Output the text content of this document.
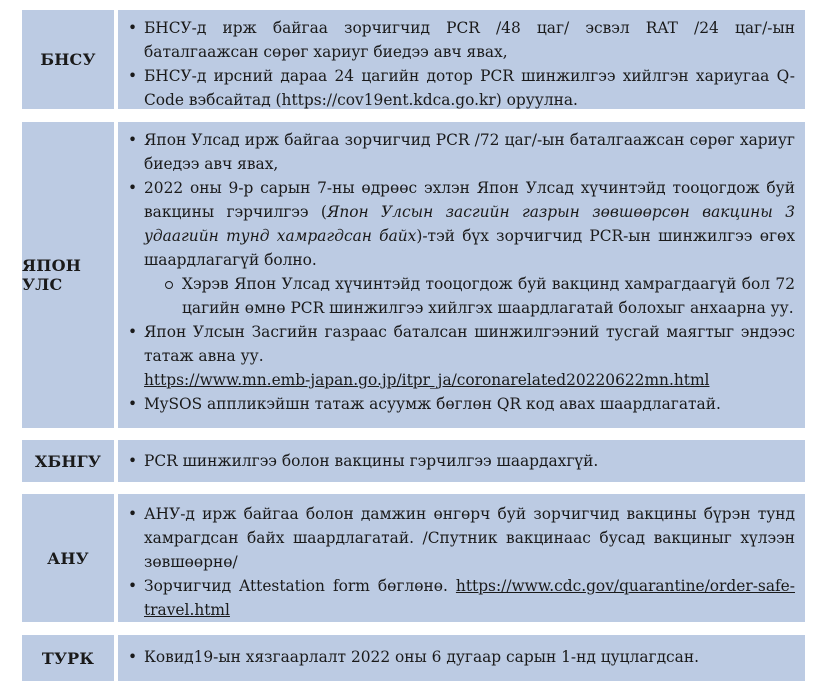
БНСУ
• БНСУ-д ирж байгаа зорчигчид PCR /48 цаг/ эсвэл RAT /24 цаг/-ын баталгаажсан сөрөг хариуг биедээ авч явах,
• БНСУ-д ирсний дараа 24 цагийн дотор PCR шинжилгээ хийлгэн хариугаа Q-Code вэбсайтад (https://cov19ent.kdca.go.kr) оруулна.
ЯПОН УЛС
• Япон Улсад ирж байгаа зорчигчид PCR /72 цаг/-ын баталгаажсан сөрөг хариуг биедээ авч явах,
• 2022 оны 9-р сарын 7-ны өдрөөс эхлэн Япон Улсад хүчинтэйд тооцогдож буй вакцины гэрчилгээ (Япон Улсын засгийн газрын зөвшөөрсөн вакцины 3 удаагийн тунд хамрагдсан байх)-тэй бүх зорчигчид PCR-ын шинжилгээ өгөх шаардлагагүй болно.
Хэрэв Япон Улсад хүчинтэйд тооцогдож буй вакцинд хамрагдаагүй бол 72 цагийн өмнө PCR шинжилгээ хийлгэх шаардлагатай болохыг анхаарна уу.
• Япон Улсын Засгийн газраас баталсан шинжилгээний тусгай маягтыг эндээс татаж авна уу.
https://www.mn.emb-japan.go.jp/itpr_ja/coronarelated20220622mn.html
• MySOS аппликэйшн татаж асуумж бөглөн QR код авах шаардлагатай.
ХБНГУ	• PCR шинжилгээ болон вакцины гэрчилгээ шаардахгүй.
АНУ
• АНУ-д ирж байгаа болон дамжин өнгөрч буй зорчигчид вакцины бүрэн тунд хамрагдсан байх шаардлагатай. /Спутник вакцинаас бусад вакциныг хүлээн зөвшөөрнө/
• Зорчигчид Attestation form бөглөнө. https://www.cdc.gov/quarantine/order-safe-travel.html
ТУРК	• Ковид19-ын хязгаарлалт 2022 оны 6 дугаар сарын 1-нд цуцлагдсан.
